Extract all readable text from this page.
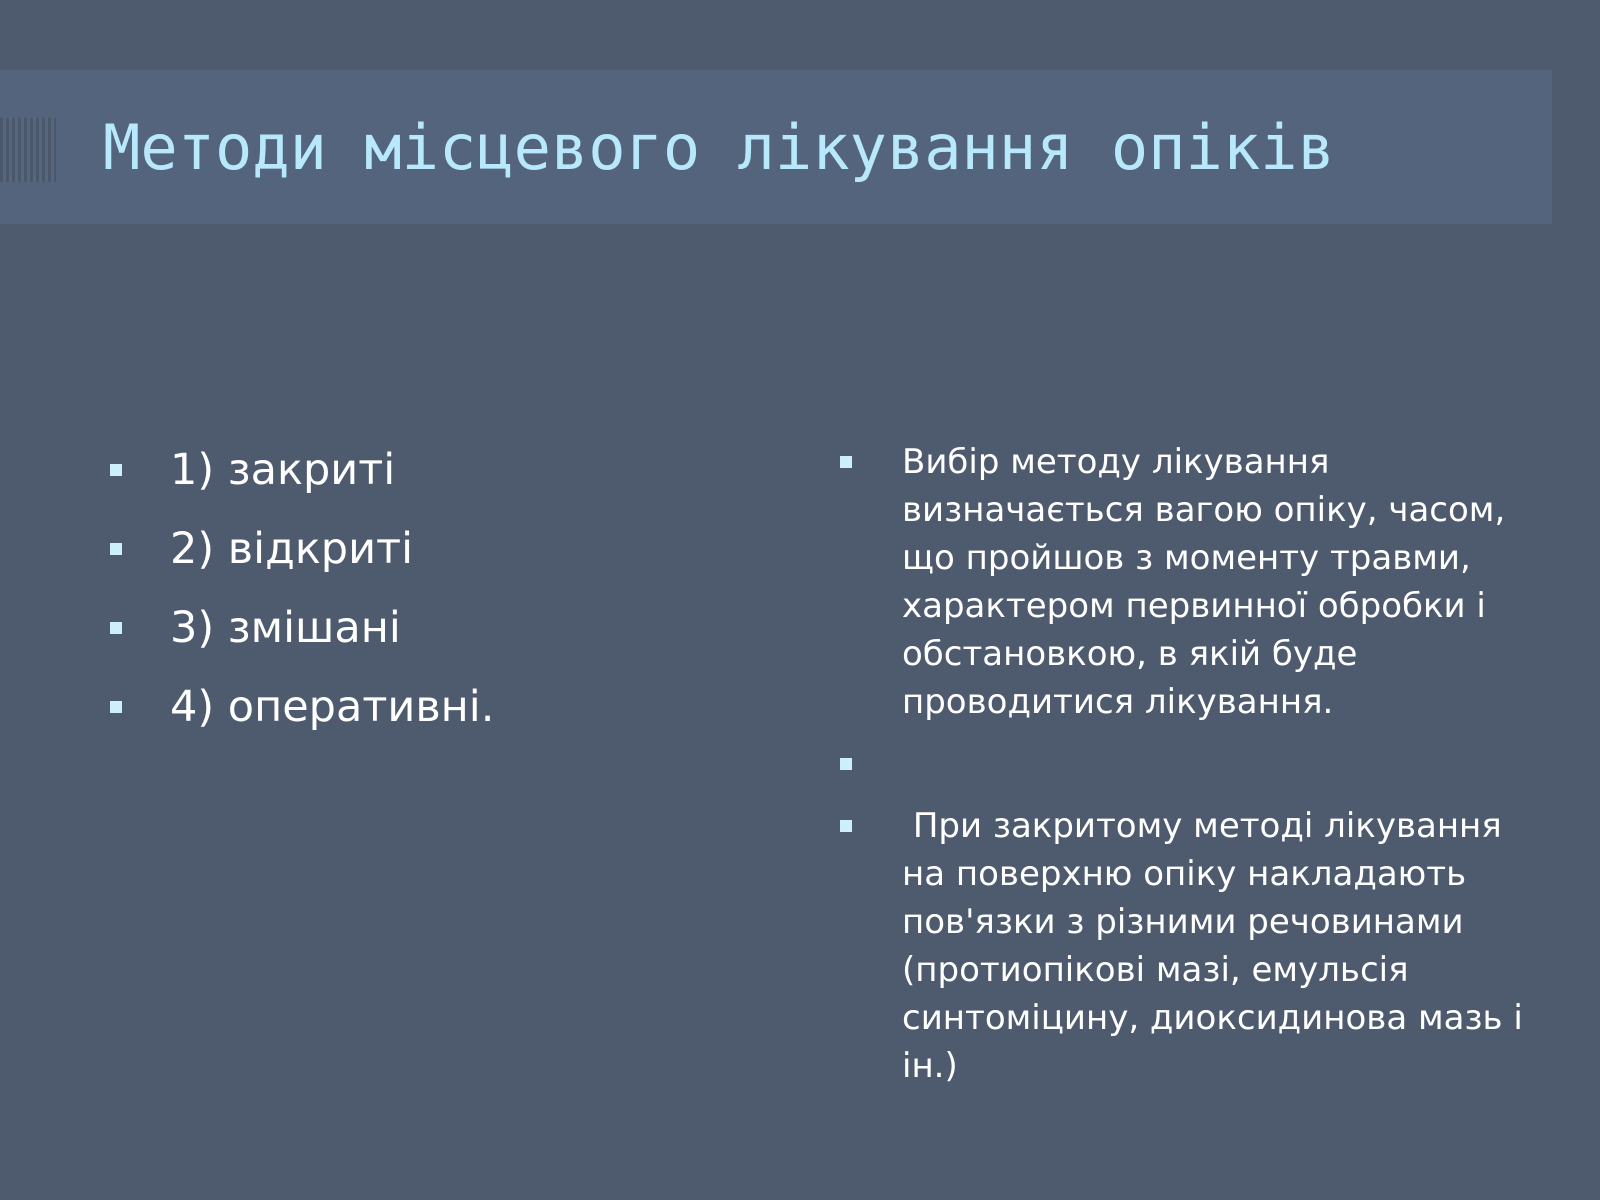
Методи місцевого лікування опіків
1) закриті
2) відкриті
3) змішані
4) оперативні.
Вибір методу лікування визначається вагою опіку, часом, що пройшов з моменту травми, характером первинної обробки і обстановкою, в якій буде проводитися лікування.
При закритому методі лікування на поверхню опіку накладають пов'язки з різними речовинами (протиопікові мазі, емульсія синтоміцину, диоксидинова мазь і ін.)
